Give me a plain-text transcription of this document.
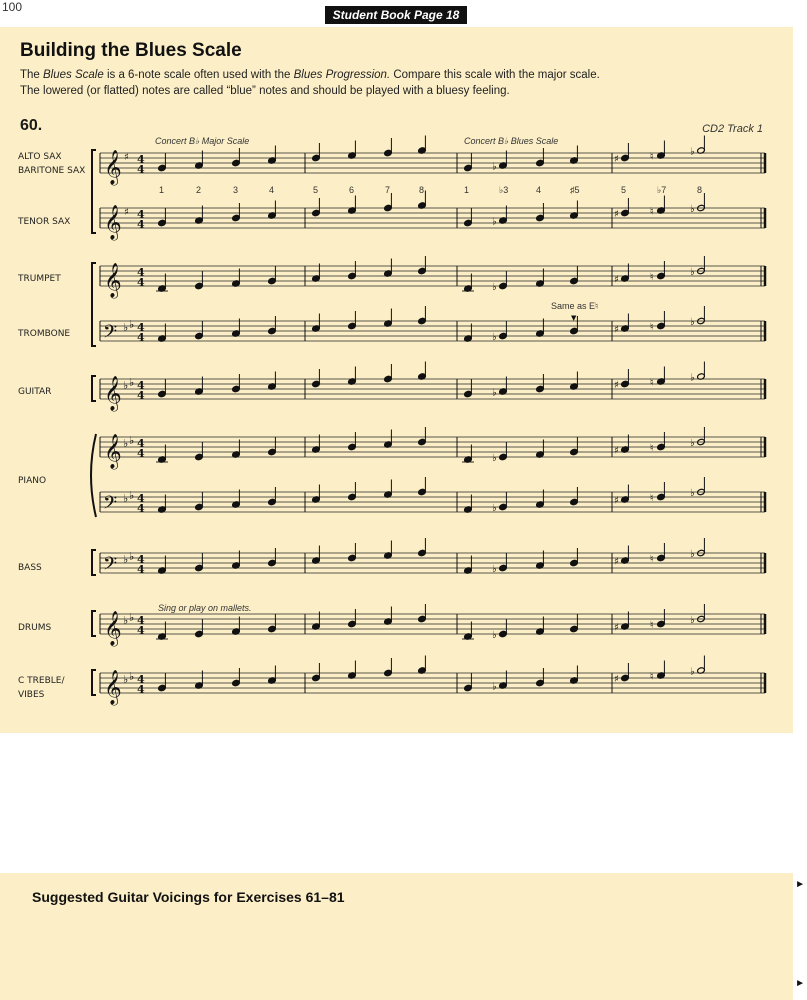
100
Student Book Page 18
Building the Blues Scale
The Blues Scale is a 6-note scale often used with the Blues Progression. Compare this scale with the major scale.
The lowered (or flatted) notes are called “blue” notes and should be played with a bluesy feeling.
60.	CD2 Track 1
𝄞 ♯ 4
4
𝄞 ♯ 4
4
𝄞 4
4
𝄢 ♭ ♭ 4
4
𝄞 ♭ ♭ 4
4
𝄞 ♭ ♭ 4
4
𝄢 ♭ ♭ 4
4
𝄢 ♭ ♭ 4
4
𝄞 ♭ ♭ 4
4
𝄞 ♭ ♭ 4
4
ALTO SAX
BARITONE SAX
TENOR SAX
TRUMPET
TROMBONE
GUITAR
PIANO
BASS
DRUMS
C TREBLE/
VIBES
♭
♯	♮	♭
♭
♯	♮	♭
♭
♯	♮	♭
♭
♯	♮	♭
♭
♯	♮	♭
♭
♯	♮	♭
♭
♯	♮	♭
♭
♯	♮	♭
♭
♯	♮	♭
♭
♯	♮	♭
1	2	3	4	5	6	7	8	1	♭3	4	♯5	5	♭7	8
Concert B♭ Major Scale	Concert B♭ Blues Scale
Same as E♮
▼
Sing or play on mallets.
Suggested Guitar Voicings for Exercises 61–81
►
►
